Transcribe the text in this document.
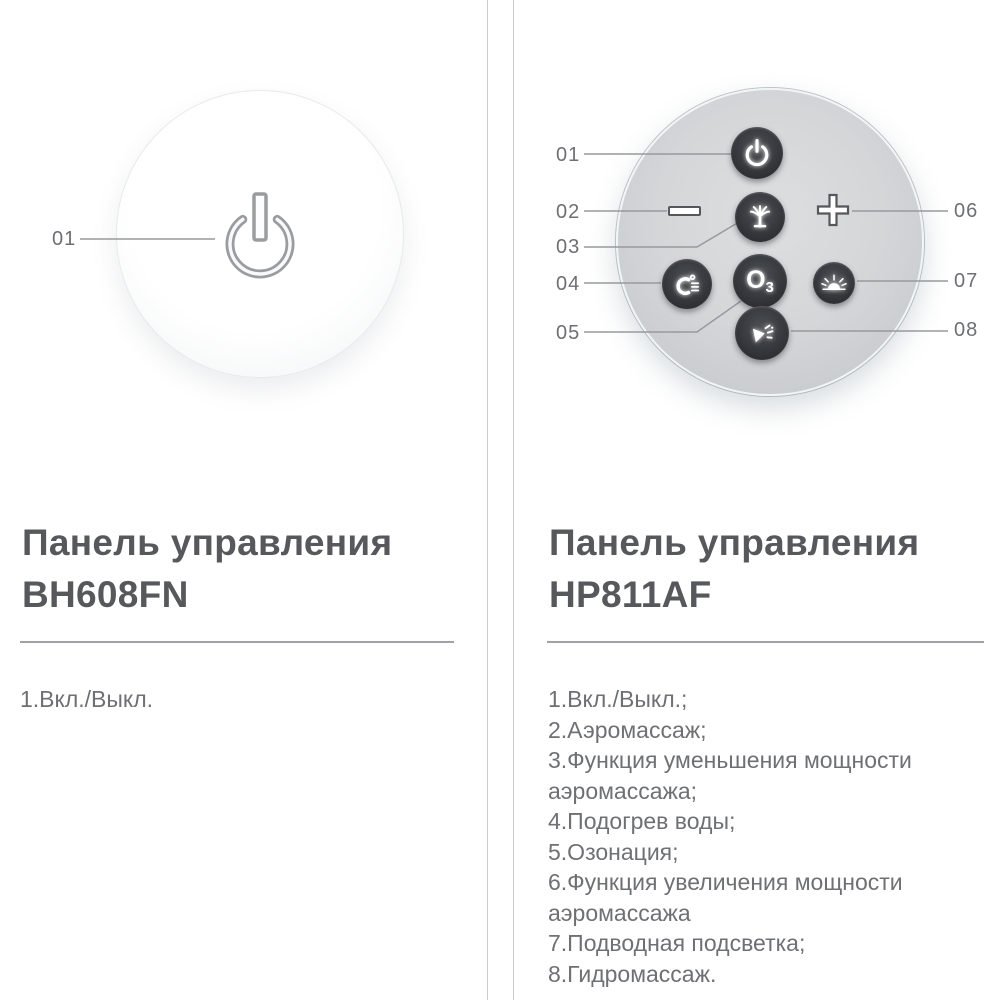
O3
01
01
02
03
04
05
06
07
08
Панель управления
BH608FN
Панель управления
HP811AF
1.Вкл./Выкл.	1.Вкл./Выкл.;
2.Аэромассаж;
3.Функция уменьшения мощности аэромассажа;
4.Подогрев воды;
5.Озонация;
6.Функция увеличения мощности аэромассажа
7.Подводная подсветка;
8.Гидромассаж.
